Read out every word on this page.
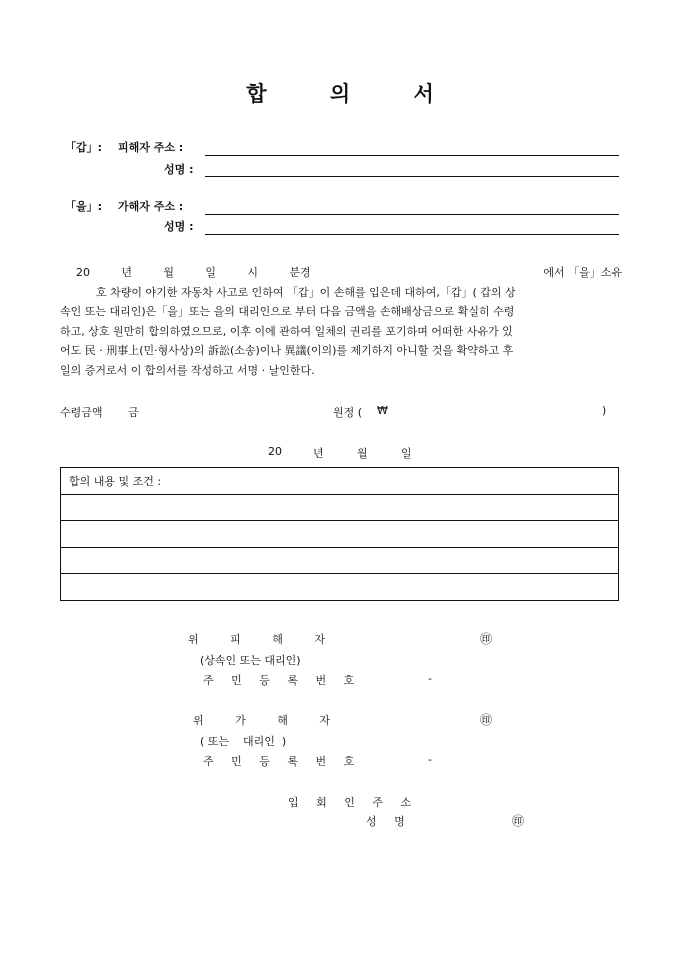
합	의	서
「갑」: 피해자 주소 :
성명 :
「을」: 가해자 주소 :
성명 :
20	년	월	일	시	분경	에서 「을」소유
호 차량이 야기한 자동차 사고로 인하여 「갑」이 손해를 입은데 대하여,「갑」( 갑의 상
속인 또는 대리인)은「을」또는 을의 대리인으로 부터 다음 금액을 손해배상금으로 확실히 수령
하고, 상호 원만히 합의하였으므로, 이후 이에 관하여 일체의 권리를 포기하며 어떠한 사유가 있
어도 民 · 刑事上(민·형사상)의 訴訟(소송)이나 異議(이의)를 제기하지 아니할 것을 확약하고 후
일의 증거로서 이 합의서를 작성하고 서명 · 날인한다.
수령금액 금	원정 ( ₩	)
20	년	월	일
합의 내용 및 조건 :

위 피 해 자	㊞
(상속인 또는 대리인)
주 민 등 록 번 호	-
위 가 해 자	㊞
( 또는    대리인  )
주 민 등 록 번 호	-
입 회 인 주 소
성 명	㊞
